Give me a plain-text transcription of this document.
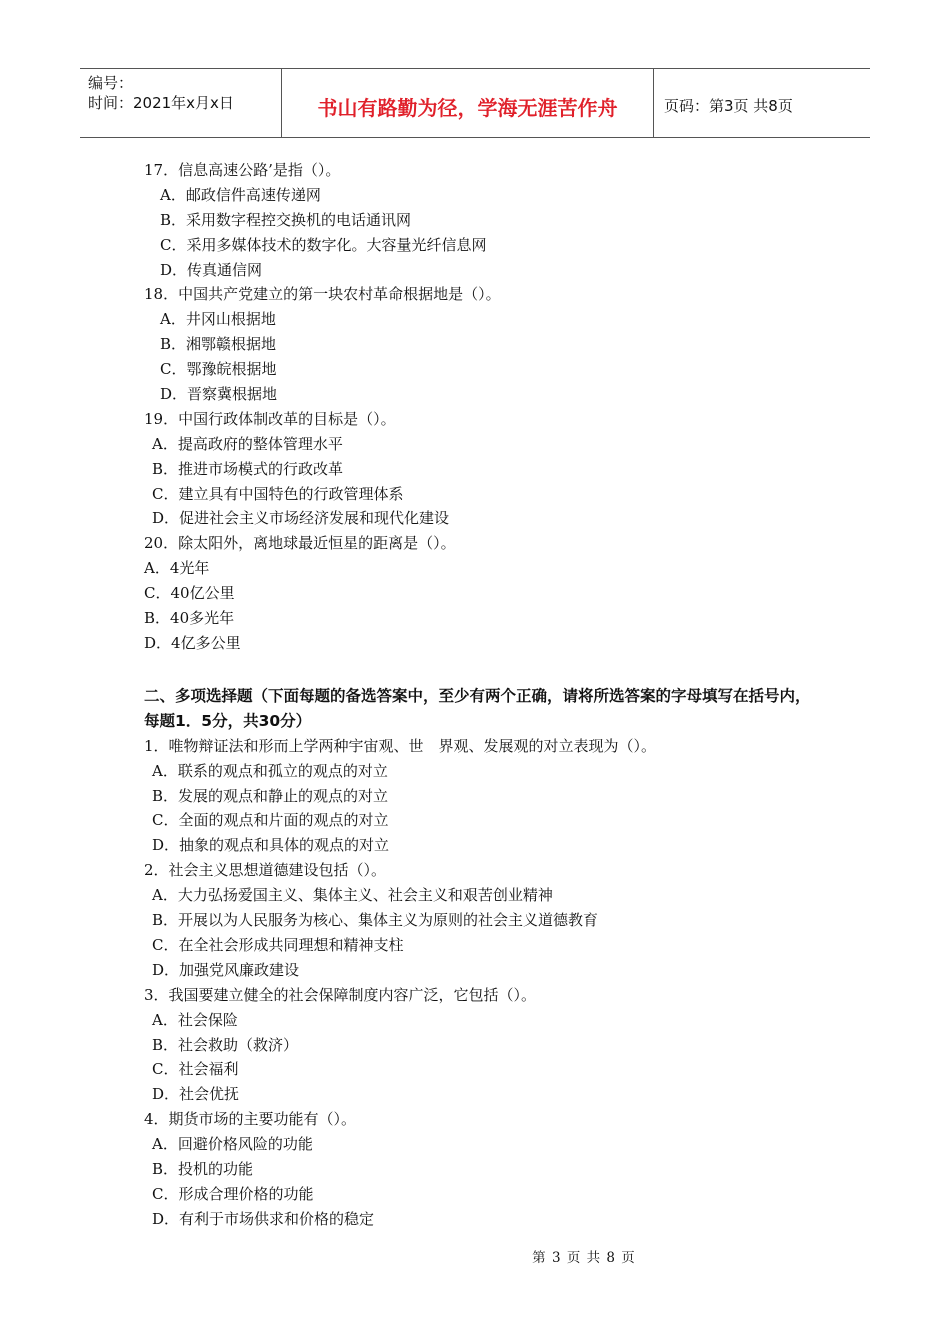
编号：
时间：2021年x月x日	书山有路勤为径，学海无涯苦作舟	页码：第3页 共8页
17．信息高速公路’是指（）。
A．邮政信件高速传递网
B．采用数字程控交换机的电话通讯网
C．采用多媒体技术的数字化。大容量光纤信息网
D．传真通信网
18．中国共产党建立的第一块农村革命根据地是（）。
A．井冈山根据地
B．湘鄂赣根据地
C．鄂豫皖根据地
D．晋察冀根据地
19．中国行政体制改革的目标是（）。
A．提高政府的整体管理水平
B．推进市场模式的行政改革
C．建立具有中国特色的行政管理体系
D．促进社会主义市场经济发展和现代化建设
20．除太阳外，离地球最近恒星的距离是（）。
A．4光年
C．40亿公里
B．40多光年
D．4亿多公里
二、多项选择题（下面每题的备选答案中，至少有两个正确，请将所选答案的字母填写在括号内，每题1．5分，共30分）
1．唯物辩证法和形而上学两种宇宙观、世　界观、发展观的对立表现为（）。
A．联系的观点和孤立的观点的对立
B．发展的观点和静止的观点的对立
C．全面的观点和片面的观点的对立
D．抽象的观点和具体的观点的对立
2．社会主义思想道德建设包括（）。
A．大力弘扬爱国主义、集体主义、社会主义和艰苦创业精神
B．开展以为人民服务为核心、集体主义为原则的社会主义道德教育
C．在全社会形成共同理想和精神支柱
D．加强党风廉政建设
3．我国要建立健全的社会保障制度内容广泛，它包括（）。
A．社会保险
B．社会救助（救济）
C．社会福利
D．社会优抚
4．期货市场的主要功能有（）。
A．回避价格风险的功能
B．投机的功能
C．形成合理价格的功能
D．有利于市场供求和价格的稳定
第 3 页 共 8 页
